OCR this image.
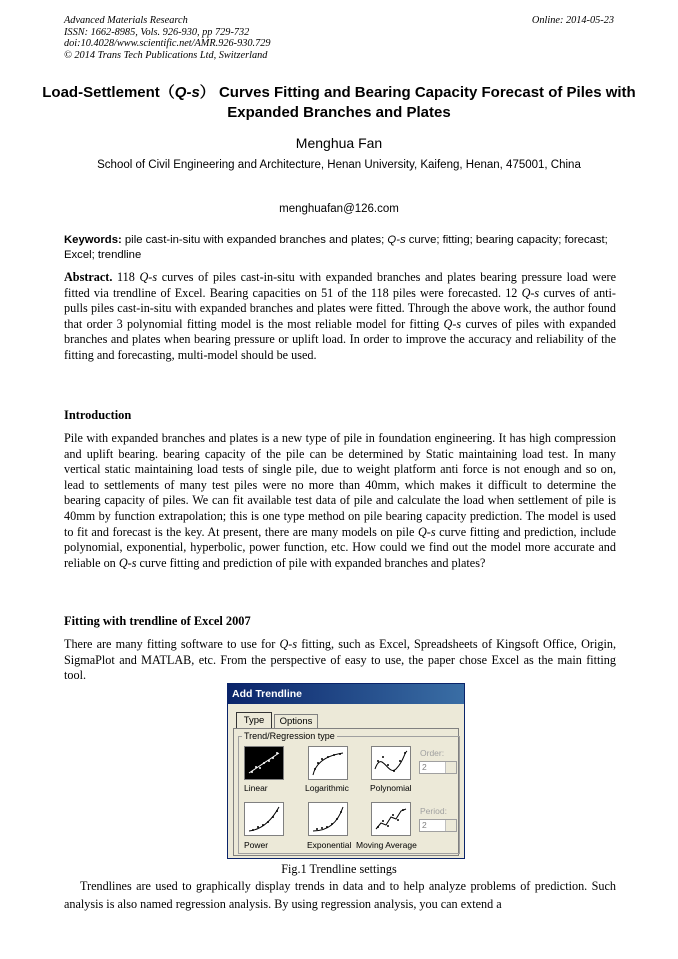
Advanced Materials Research
ISSN: 1662-8985, Vols. 926-930, pp 729-732
doi:10.4028/www.scientific.net/AMR.926-930.729
© 2014 Trans Tech Publications Ltd, Switzerland
Online: 2014-05-23
Load-Settlement（Q-s） Curves Fitting and Bearing Capacity Forecast of Piles with Expanded Branches and Plates
Menghua Fan
School of Civil Engineering and Architecture, Henan University, Kaifeng, Henan, 475001, China
menghuafan@126.com
Keywords: pile cast-in-situ with expanded branches and plates; Q-s curve; fitting; bearing capacity; forecast; Excel; trendline
Abstract. 118 Q-s curves of piles cast-in-situ with expanded branches and plates bearing pressure load were fitted via trendline of Excel. Bearing capacities on 51 of the 118 piles were forecasted. 12 Q-s curves of anti-pulls piles cast-in-situ with expanded branches and plates were fitted. Through the above work, the author found that order 3 polynomial fitting model is the most reliable model for fitting Q-s curves of piles with expanded branches and plates when bearing pressure or uplift load. In order to improve the accuracy and reliability of the fitting and forecasting, multi-model should be used.
Introduction
Pile with expanded branches and plates is a new type of pile in foundation engineering. It has high compression and uplift bearing. bearing capacity of the pile can be determined by Static maintaining load test. In many vertical static maintaining load tests of single pile, due to weight platform anti force is not enough and so on, lead to settlements of many test piles were no more than 40mm, which makes it difficult to determine the bearing capacity of piles. We can fit available test data of pile and calculate the load when settlement of pile is 40mm by function extrapolation; this is one type method on pile bearing capacity prediction. The model is used to fit and forecast is the key. At present, there are many models on pile Q-s curve fitting and prediction, include polynomial, exponential, hyperbolic, power function, etc. How could we find out the model more accurate and reliable on Q-s curve fitting and prediction of pile with expanded branches and plates?
Fitting with trendline of Excel 2007
There are many fitting software to use for Q-s fitting, such as Excel, Spreadsheets of Kingsoft Office, Origin, SigmaPlot and MATLAB, etc. From the perspective of easy to use, the paper chose Excel as the main fitting tool.
Add Trendline
Options
Type
Trend/Regression type
Linear	Logarithmic Polynomial
Power	Exponential Moving Average
Order:
2
Period:
2
Fig.1 Trendline settings
Trendlines are used to graphically display trends in data and to help analyze problems of prediction. Such analysis is also named regression analysis. By using regression analysis, you can extend a
